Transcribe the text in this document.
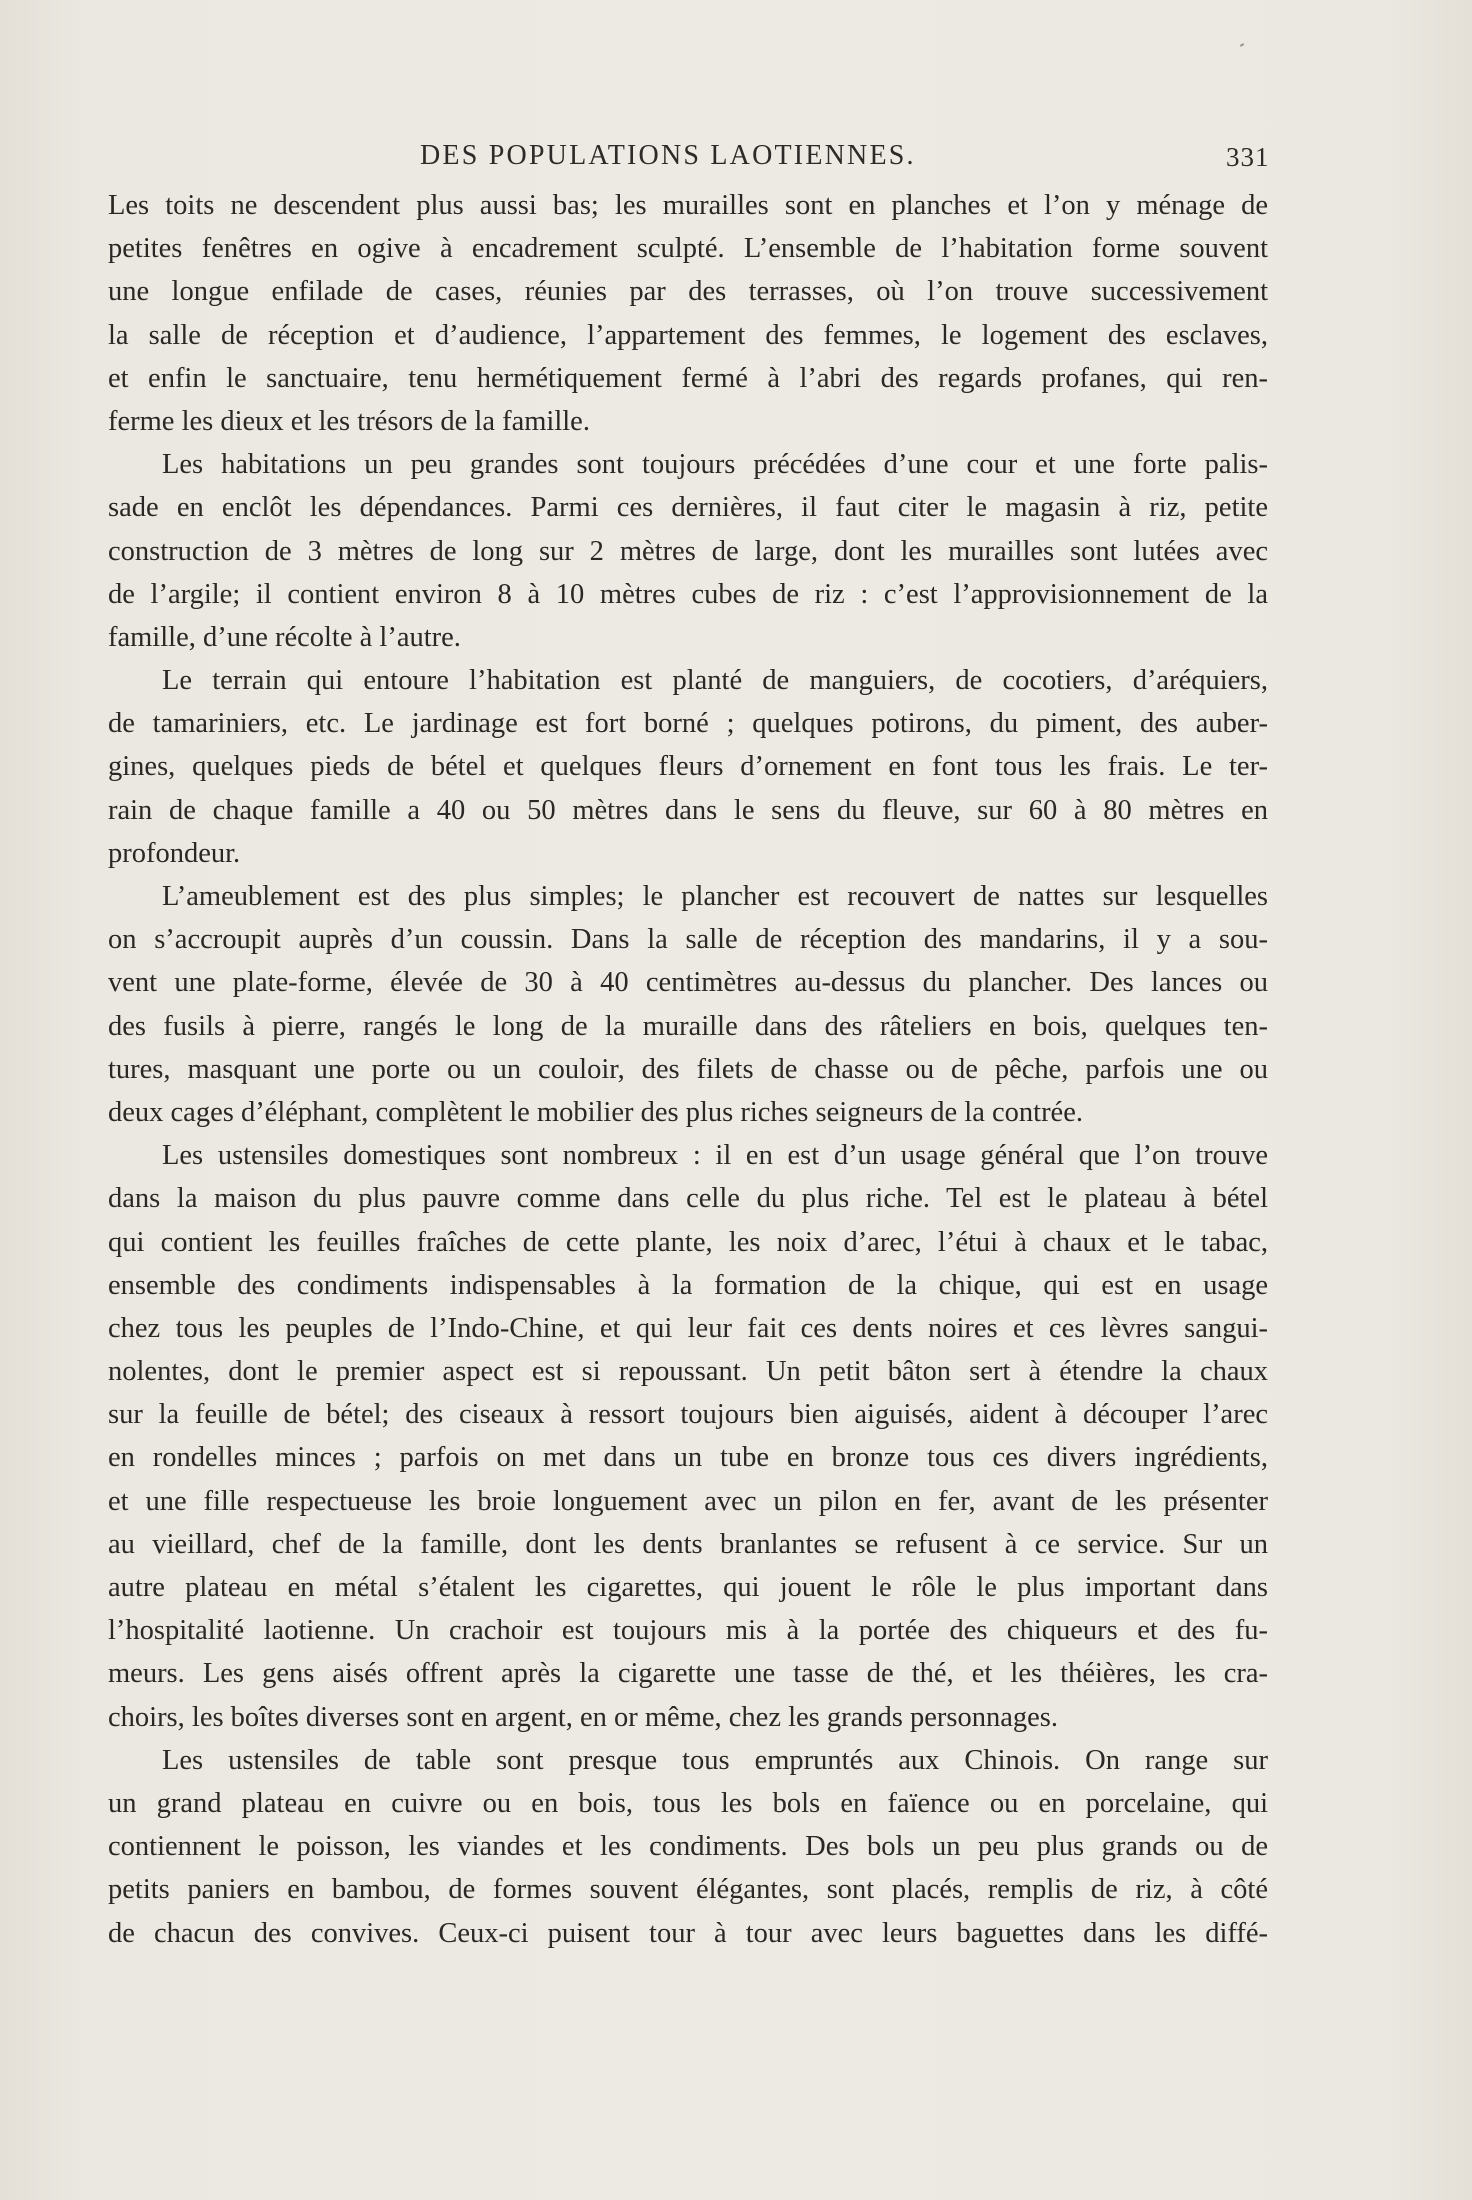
DES POPULATIONS LAOTIENNES.	331
Les toits ne descendent plus aussi bas; les murailles sont en planches et l’on y ménage de
petites fenêtres en ogive à encadrement sculpté. L’ensemble de l’habitation forme souvent
une longue enfilade de cases, réunies par des terrasses, où l’on trouve successivement
la salle de réception et d’audience, l’appartement des femmes, le logement des esclaves,
et enfin le sanctuaire, tenu hermétiquement fermé à l’abri des regards profanes, qui ren-
ferme les dieux et les trésors de la famille.
Les habitations un peu grandes sont toujours précédées d’une cour et une forte palis-
sade en enclôt les dépendances. Parmi ces dernières, il faut citer le magasin à riz, petite
construction de 3 mètres de long sur 2 mètres de large, dont les murailles sont lutées avec
de l’argile; il contient environ 8 à 10 mètres cubes de riz : c’est l’approvisionnement de la
famille, d’une récolte à l’autre.
Le terrain qui entoure l’habitation est planté de manguiers, de cocotiers, d’aréquiers,
de tamariniers, etc. Le jardinage est fort borné ; quelques potirons, du piment, des auber-
gines, quelques pieds de bétel et quelques fleurs d’ornement en font tous les frais. Le ter-
rain de chaque famille a 40 ou 50 mètres dans le sens du fleuve, sur 60 à 80 mètres en
profondeur.
L’ameublement est des plus simples; le plancher est recouvert de nattes sur lesquelles
on s’accroupit auprès d’un coussin. Dans la salle de réception des mandarins, il y a sou-
vent une plate-forme, élevée de 30 à 40 centimètres au-dessus du plancher. Des lances ou
des fusils à pierre, rangés le long de la muraille dans des râteliers en bois, quelques ten-
tures, masquant une porte ou un couloir, des filets de chasse ou de pêche, parfois une ou
deux cages d’éléphant, complètent le mobilier des plus riches seigneurs de la contrée.
Les ustensiles domestiques sont nombreux : il en est d’un usage général que l’on trouve
dans la maison du plus pauvre comme dans celle du plus riche. Tel est le plateau à bétel
qui contient les feuilles fraîches de cette plante, les noix d’arec, l’étui à chaux et le tabac,
ensemble des condiments indispensables à la formation de la chique, qui est en usage
chez tous les peuples de l’Indo-Chine, et qui leur fait ces dents noires et ces lèvres sangui-
nolentes, dont le premier aspect est si repoussant. Un petit bâton sert à étendre la chaux
sur la feuille de bétel; des ciseaux à ressort toujours bien aiguisés, aident à découper l’arec
en rondelles minces ; parfois on met dans un tube en bronze tous ces divers ingrédients,
et une fille respectueuse les broie longuement avec un pilon en fer, avant de les présenter
au vieillard, chef de la famille, dont les dents branlantes se refusent à ce service. Sur un
autre plateau en métal s’étalent les cigarettes, qui jouent le rôle le plus important dans
l’hospitalité laotienne. Un crachoir est toujours mis à la portée des chiqueurs et des fu-
meurs. Les gens aisés offrent après la cigarette une tasse de thé, et les théières, les cra-
choirs, les boîtes diverses sont en argent, en or même, chez les grands personnages.
Les ustensiles de table sont presque tous empruntés aux Chinois. On range sur
un grand plateau en cuivre ou en bois, tous les bols en faïence ou en porcelaine, qui
contiennent le poisson, les viandes et les condiments. Des bols un peu plus grands ou de
petits paniers en bambou, de formes souvent élégantes, sont placés, remplis de riz, à côté
de chacun des convives. Ceux-ci puisent tour à tour avec leurs baguettes dans les diffé-
